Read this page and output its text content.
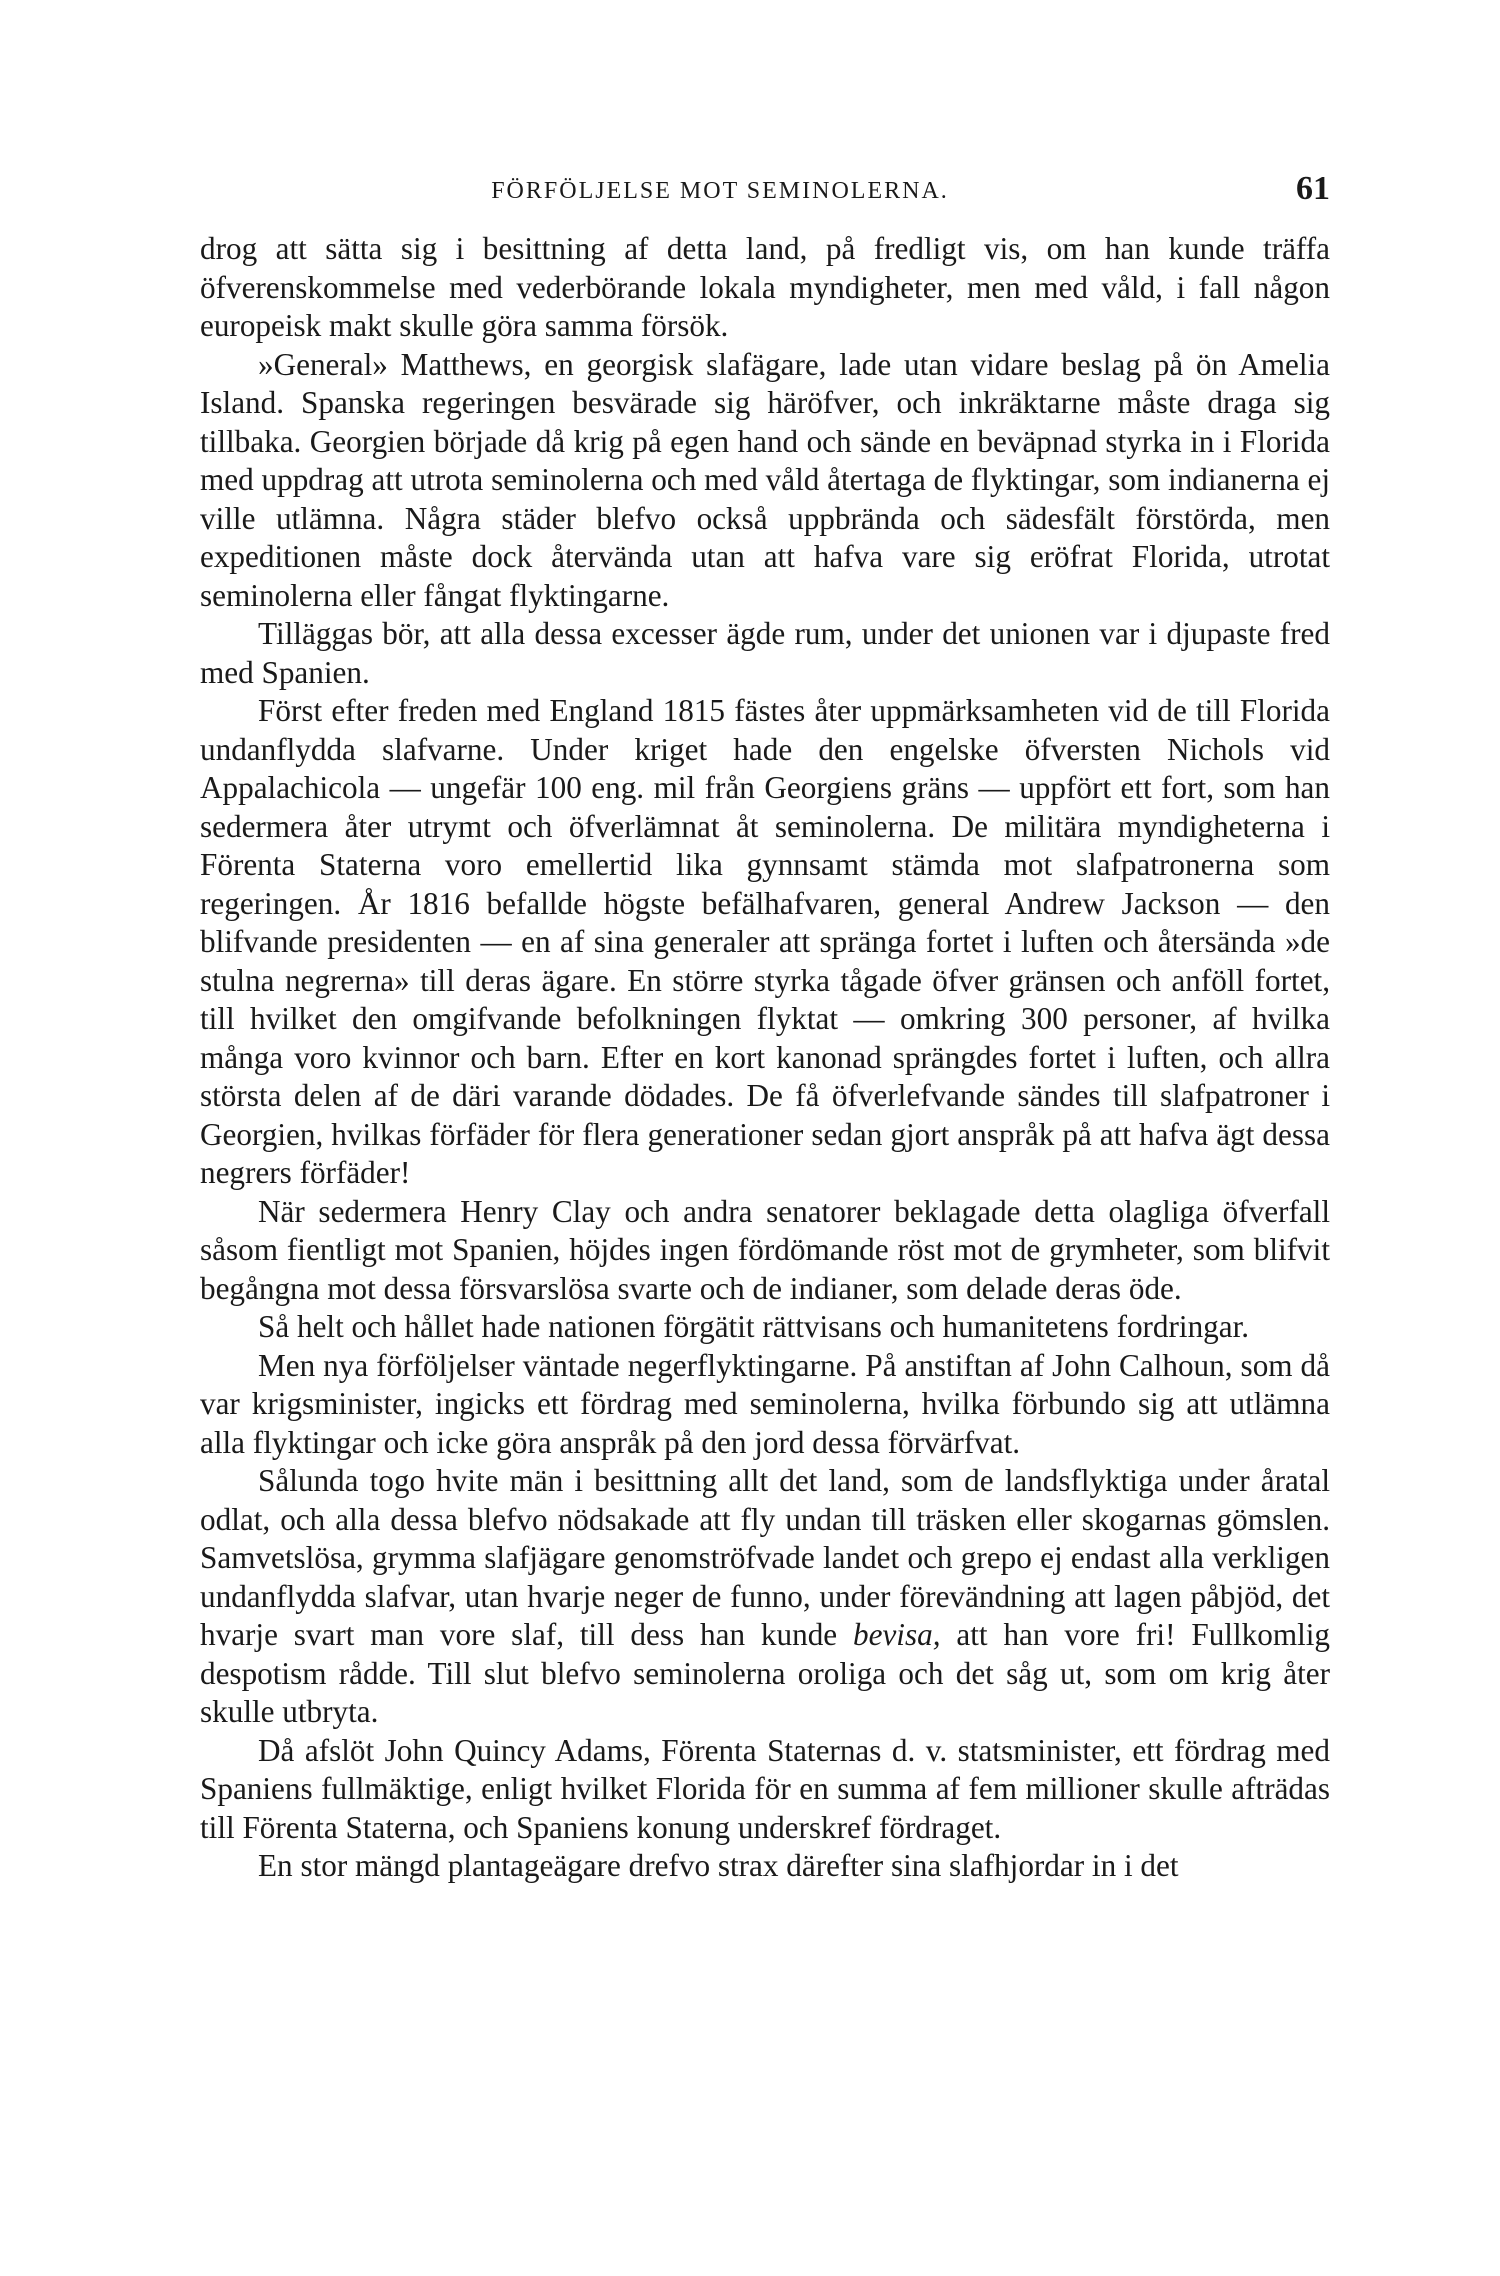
FÖRFÖLJELSE MOT SEMINOLERNA.	61

drog att sätta sig i besittning af detta land, på fredligt vis, om han kunde träffa öfverenskommelse med vederbörande lokala myndigheter, men med våld, i fall någon europeisk makt skulle göra samma försök.

»General» Matthews, en georgisk slafägare, lade utan vidare beslag på ön Amelia Island. Spanska regeringen besvärade sig häröfver, och inkräktarne måste draga sig tillbaka. Georgien började då krig på egen hand och sände en beväpnad styrka in i Florida med uppdrag att utrota seminolerna och med våld återtaga de flyktingar, som indianerna ej ville utlämna. Några städer blefvo också uppbrända och sädesfält förstörda, men expeditionen måste dock återvända utan att hafva vare sig eröfrat Florida, utrotat seminolerna eller fångat flyktingarne.

Tilläggas bör, att alla dessa excesser ägde rum, under det unionen var i djupaste fred med Spanien.

Först efter freden med England 1815 fästes åter uppmärksamheten vid de till Florida undanflydda slafvarne. Under kriget hade den engelske öfversten Nichols vid Appalachicola — ungefär 100 eng. mil från Georgiens gräns — uppfört ett fort, som han sedermera åter utrymt och öfverlämnat åt seminolerna. De militära myndigheterna i Förenta Staterna voro emellertid lika gynnsamt stämda mot slafpatronerna som regeringen. År 1816 befallde högste befälhafvaren, general Andrew Jackson — den blifvande presidenten — en af sina generaler att spränga fortet i luften och återsända »de stulna negrerna» till deras ägare. En större styrka tågade öfver gränsen och anföll fortet, till hvilket den omgifvande befolkningen flyktat — omkring 300 personer, af hvilka många voro kvinnor och barn. Efter en kort kanonad sprängdes fortet i luften, och allra största delen af de däri varande dödades. De få öfverlefvande sändes till slafpatroner i Georgien, hvilkas förfäder för flera generationer sedan gjort anspråk på att hafva ägt dessa negrers förfäder!

När sedermera Henry Clay och andra senatorer beklagade detta olagliga öfverfall såsom fientligt mot Spanien, höjdes ingen fördömande röst mot de grymheter, som blifvit begångna mot dessa försvarslösa svarte och de indianer, som delade deras öde.

Så helt och hållet hade nationen förgätit rättvisans och humanitetens fordringar.

Men nya förföljelser väntade negerflyktingarne. På anstiftan af John Calhoun, som då var krigsminister, ingicks ett fördrag med seminolerna, hvilka förbundo sig att utlämna alla flyktingar och icke göra anspråk på den jord dessa förvärfvat.

Sålunda togo hvite män i besittning allt det land, som de landsflyktiga under åratal odlat, och alla dessa blefvo nödsakade att fly undan till träsken eller skogarnas gömslen. Samvetslösa, grymma slafjägare genomströfvade landet och grepo ej endast alla verkligen undanflydda slafvar, utan hvarje neger de funno, under förevändning att lagen påbjöd, det hvarje svart man vore slaf, till dess han kunde bevisa, att han vore fri! Fullkomlig despotism rådde. Till slut blefvo seminolerna oroliga och det såg ut, som om krig åter skulle utbryta.

Då afslöt John Quincy Adams, Förenta Staternas d. v. statsminister, ett fördrag med Spaniens fullmäktige, enligt hvilket Florida för en summa af fem millioner skulle afträdas till Förenta Staterna, och Spaniens konung underskref fördraget.

En stor mängd plantageägare drefvo strax därefter sina slafhjordar in i det
